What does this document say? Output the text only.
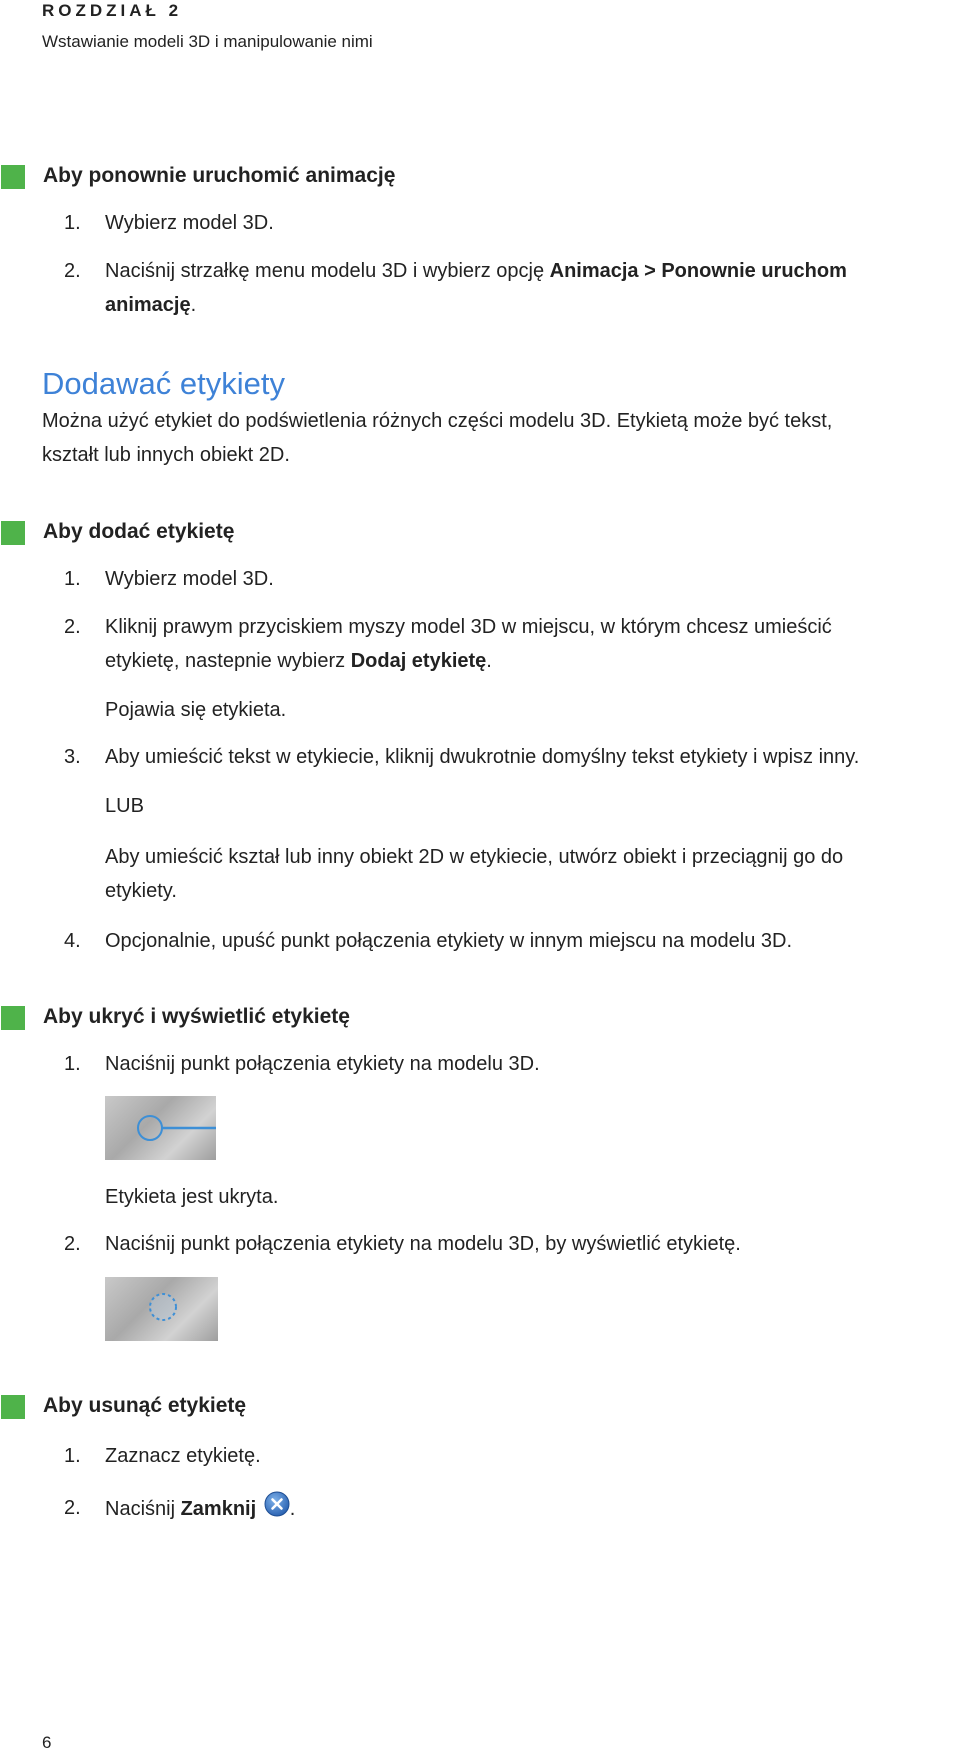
ROZDZIAŁ 2
Wstawianie modeli 3D i manipulowanie nimi
Aby ponownie uruchomić animację
1.	Wybierz model 3D.
2.	Naciśnij strzałkę menu modelu 3D i wybierz opcję Animacja > Ponownie uruchom
animację.
Dodawać etykiety
Można użyć etykiet do podświetlenia różnych części modelu 3D. Etykietą może być tekst,
kształt lub innych obiekt 2D.
Aby dodać etykietę
1.	Wybierz model 3D.
2.	Kliknij prawym przyciskiem myszy model 3D w miejscu, w którym chcesz umieścić
etykietę, nastepnie wybierz Dodaj etykietę.
Pojawia się etykieta.
3.	Aby umieścić tekst w etykiecie, kliknij dwukrotnie domyślny tekst etykiety i wpisz inny.
LUB
Aby umieścić kształ lub inny obiekt 2D w etykiecie, utwórz obiekt i przeciągnij go do
etykiety.
4.	Opcjonalnie, upuść punkt połączenia etykiety w innym miejscu na modelu 3D.
Aby ukryć i wyświetlić etykietę
1.	Naciśnij punkt połączenia etykiety na modelu 3D.
Etykieta jest ukryta.
2.	Naciśnij punkt połączenia etykiety na modelu 3D, by wyświetlić etykietę.
Aby usunąć etykietę
1.	Zaznacz etykietę.
2.	Naciśnij Zamknij .
6
